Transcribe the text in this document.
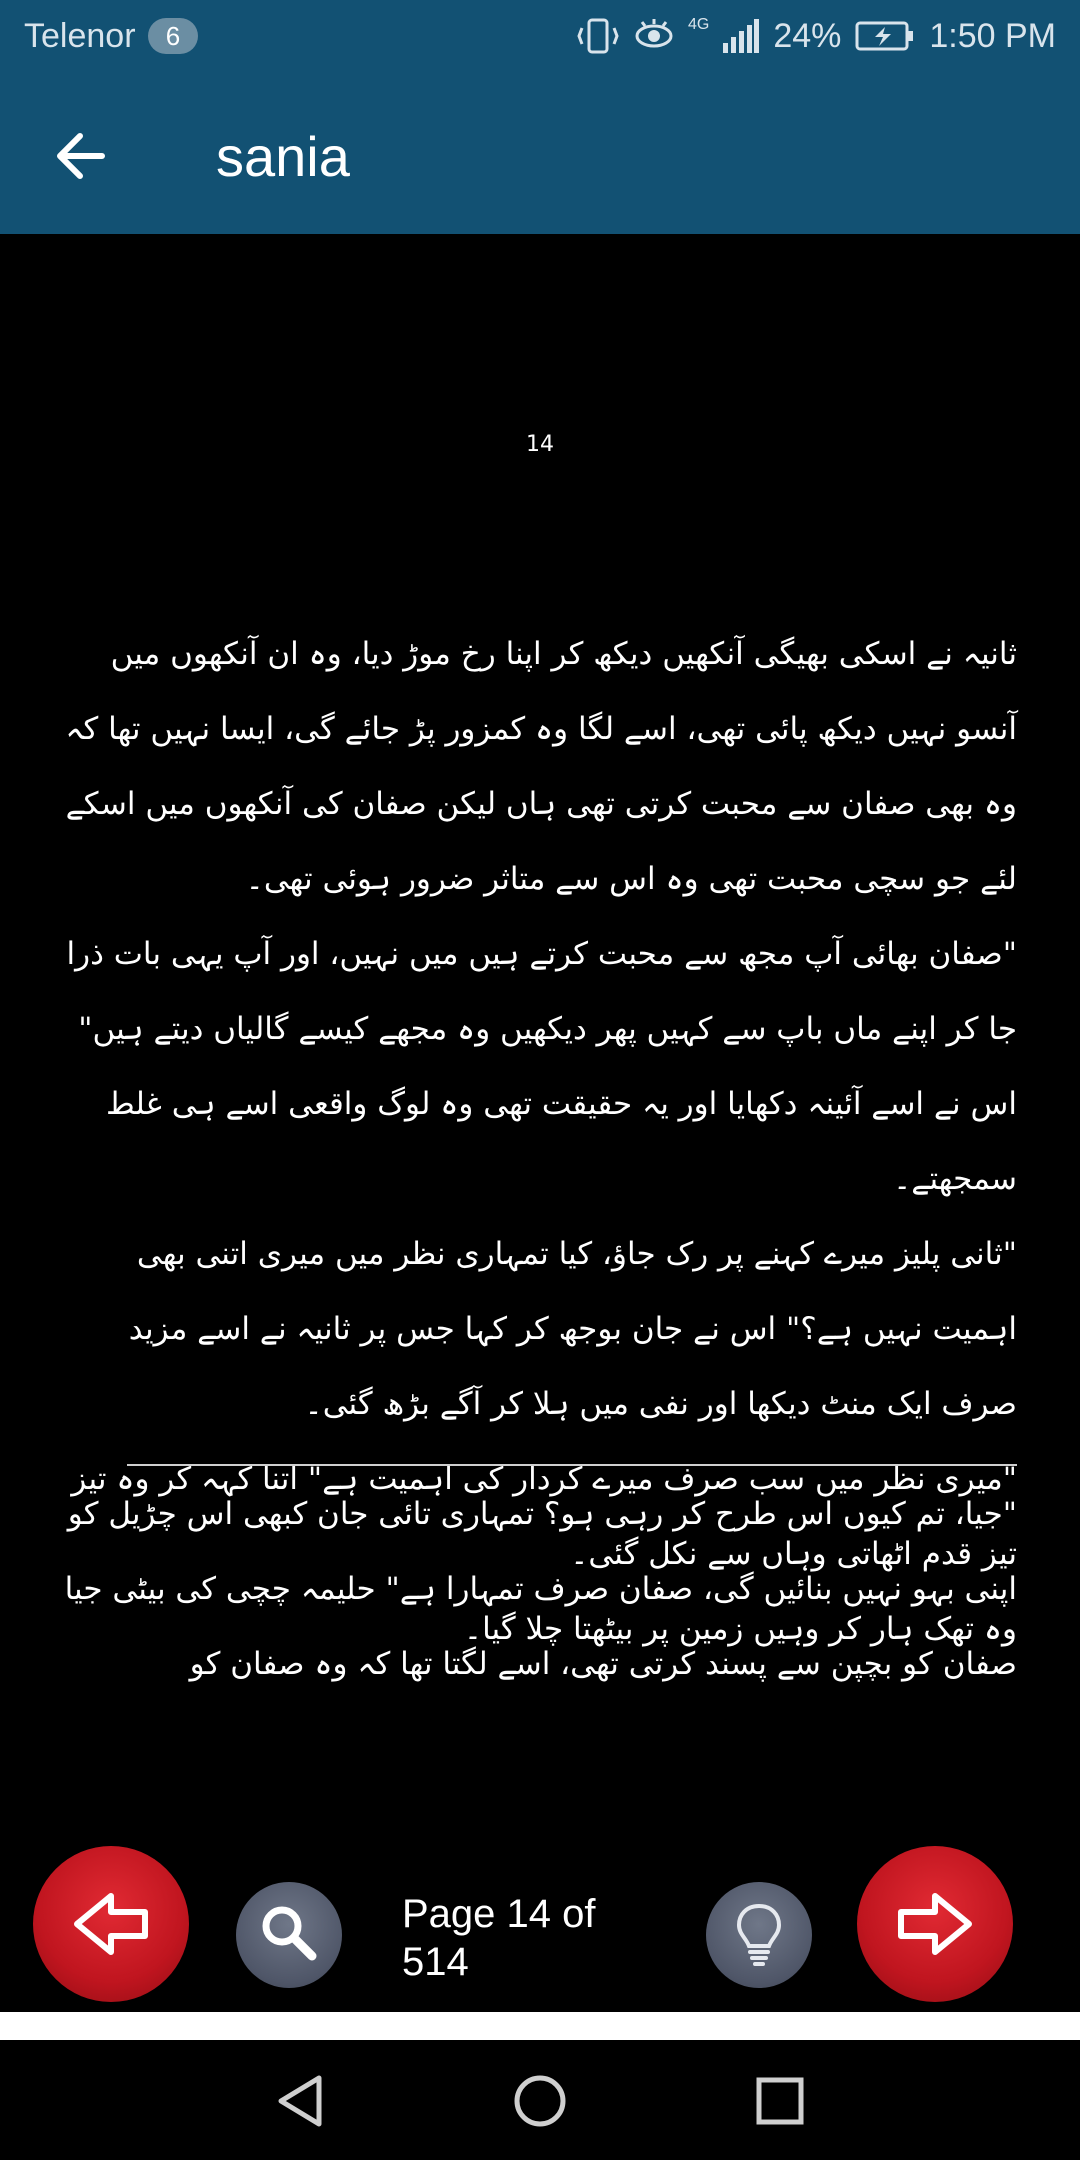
Telenor	6	4G 24%	1:50 PM
sania
14

ثانیہ نے اسکی بھیگی آنکھیں دیکھ کر اپنا رخ موڑ دیا، وہ ان آنکھوں میں آنسو نہیں دیکھ پائی تھی، اسے لگا وہ کمزور پڑ جائے گی، ایسا نہیں تھا کہ وہ بھی صفان سے محبت کرتی تھی ہاں لیکن صفان کی آنکھوں میں اسکے لئے جو سچی محبت تھی وہ اس سے متاثر ضرور ہوئی تھی۔

"صفان بھائی آپ مجھ سے محبت کرتے ہیں میں نہیں، اور آپ یہی بات ذرا جا کر اپنے ماں باپ سے کہیں پھر دیکھیں وہ مجھے کیسے گالیاں دیتے ہیں" اس نے اسے آئینہ دکھایا اور یہ حقیقت تھی وہ لوگ واقعی اسے ہی غلط سمجھتے۔

"ثانی پلیز میرے کہنے پر رک جاؤ، کیا تمہاری نظر میں میری اتنی بھی اہمیت نہیں ہے؟" اس نے جان بوجھ کر کہا جس پر ثانیہ نے اسے مزید صرف ایک منٹ دیکھا اور نفی میں ہلا کر آگے بڑھ گئی۔

"میری نظر میں سب صرف میرے کردار کی اہمیت ہے" اتنا کہہ کر وہ تیز تیز قدم اٹھاتی وہاں سے نکل گئی۔

وہ تھک ہار کر وہیں زمین پر بیٹھتا چلا گیا۔

"جیا، تم کیوں اس طرح کر رہی ہو؟ تمہاری تائی جان کبھی اس چڑیل کو اپنی بہو نہیں بنائیں گی، صفان صرف تمہارا ہے" حلیمہ چچی کی بیٹی جیا صفان کو بچپن سے پسند کرتی تھی، اسے لگتا تھا کہ وہ صفان کو

Page 14 of 514
